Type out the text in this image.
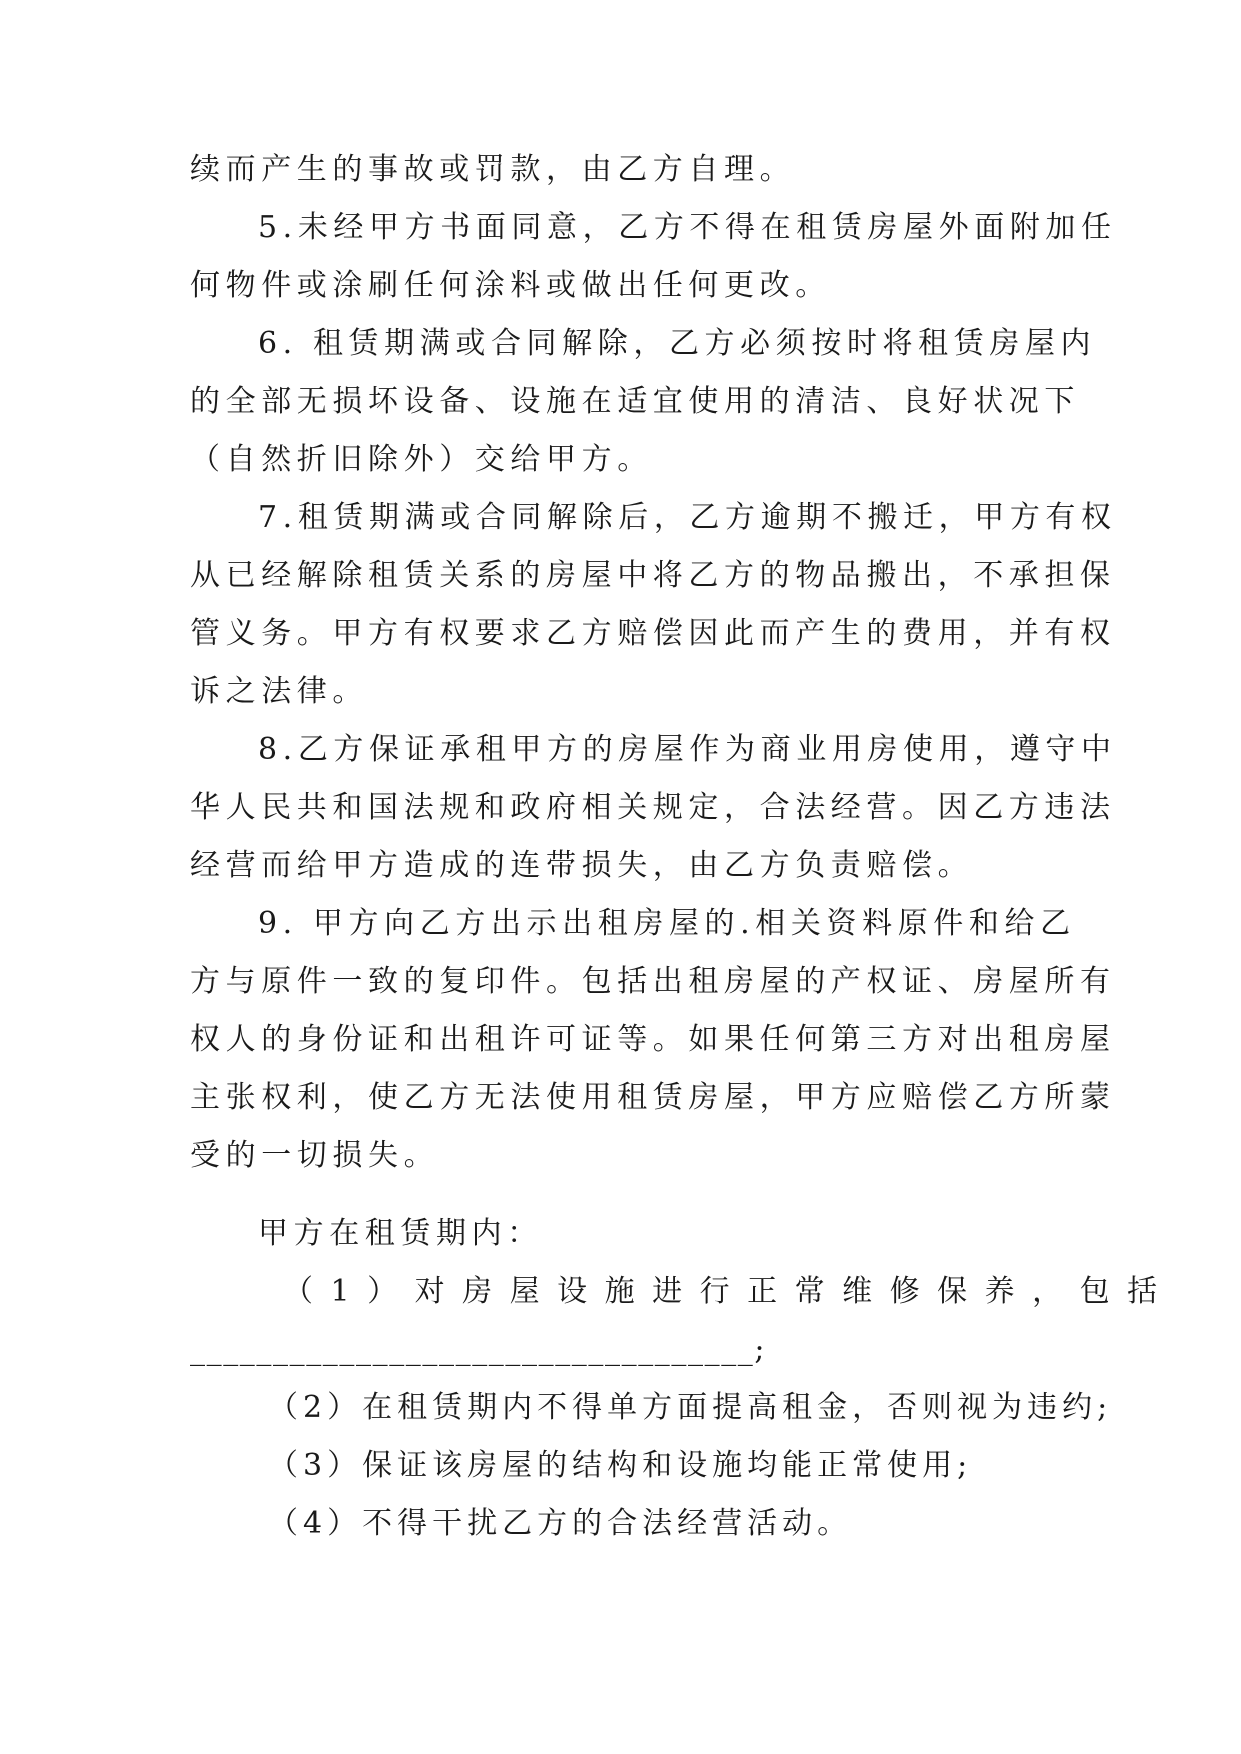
续而产生的事故或罚款，由乙方自理。
5.未经甲方书面同意，乙方不得在租赁房屋外面附加任
何物件或涂刷任何涂料或做出任何更改。
6. 租赁期满或合同解除，乙方必须按时将租赁房屋内
的全部无损坏设备、设施在适宜使用的清洁、良好状况下
（自然折旧除外）交给甲方。
7.租赁期满或合同解除后，乙方逾期不搬迁，甲方有权
从已经解除租赁关系的房屋中将乙方的物品搬出，不承担保
管义务。甲方有权要求乙方赔偿因此而产生的费用，并有权
诉之法律。
8.乙方保证承租甲方的房屋作为商业用房使用，遵守中
华人民共和国法规和政府相关规定，合法经营。因乙方违法
经营而给甲方造成的连带损失，由乙方负责赔偿。
9. 甲方向乙方出示出租房屋的.相关资料原件和给乙
方与原件一致的复印件。包括出租房屋的产权证、房屋所有
权人的身份证和出租许可证等。如果任何第三方对出租房屋
主张权利，使乙方无法使用租赁房屋，甲方应赔偿乙方所蒙
受的一切损失。
甲方在租赁期内：
（1）对房屋设施进行正常维修保养，包括
__________________________________;
（2）在租赁期内不得单方面提高租金，否则视为违约;
（3）保证该房屋的结构和设施均能正常使用;
（4）不得干扰乙方的合法经营活动。
